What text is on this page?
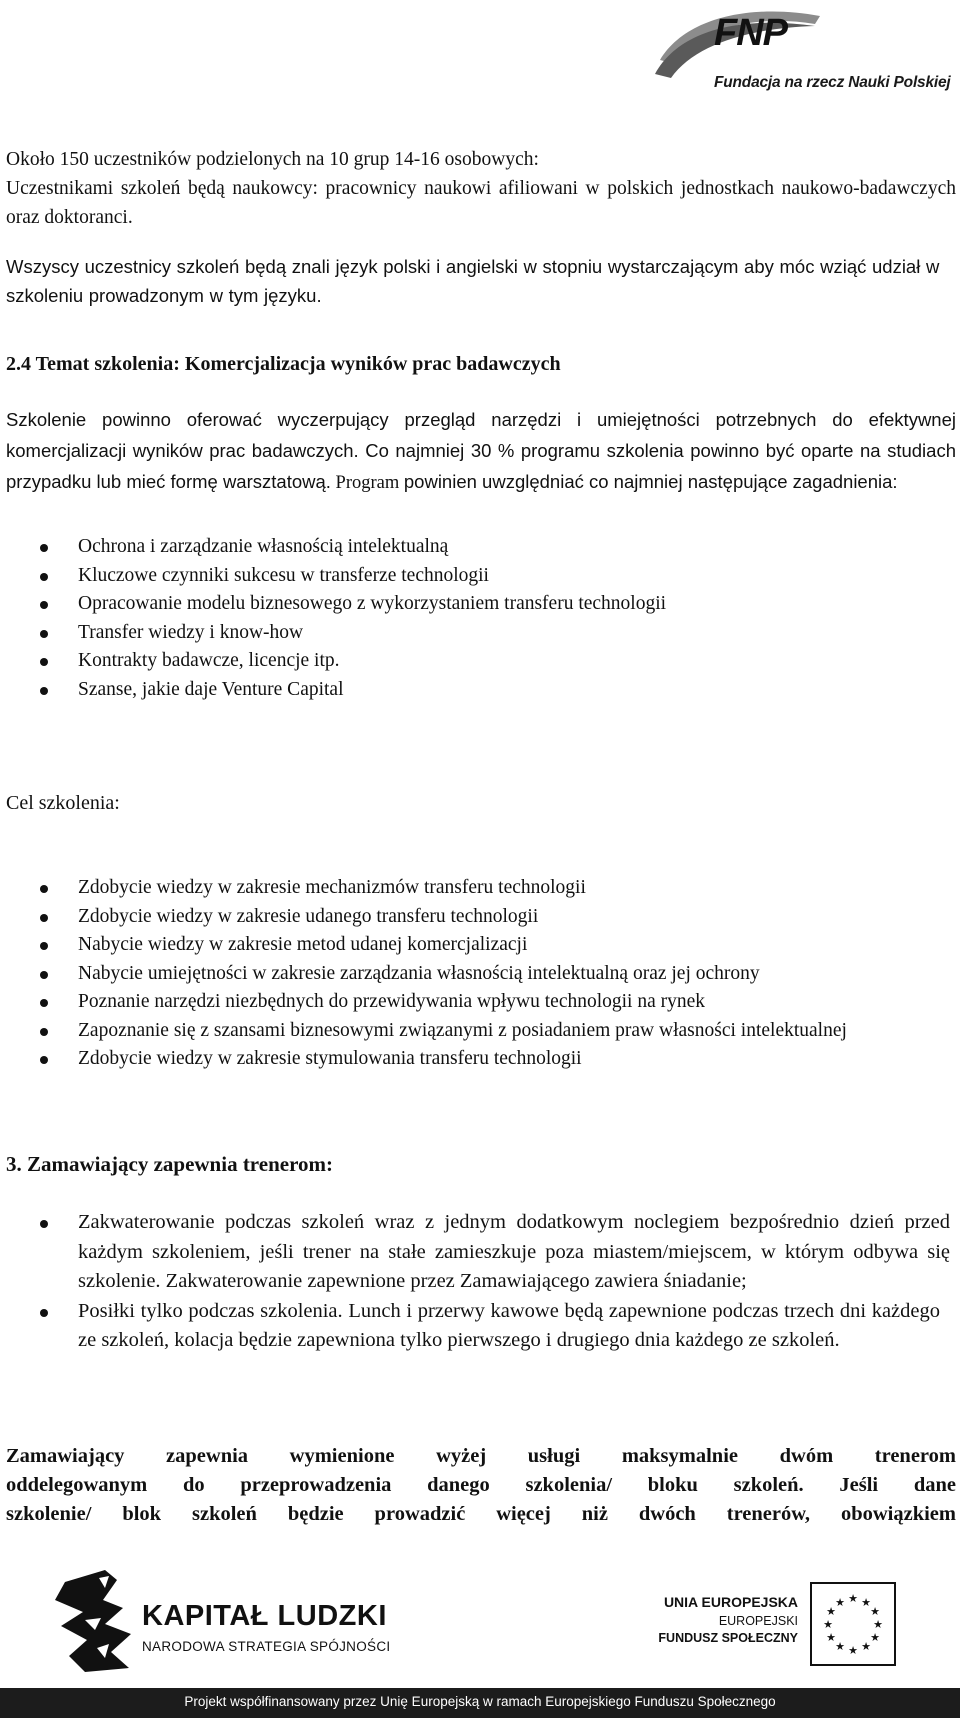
FNP
Fundacja na rzecz Nauki Polskiej

Około 150 uczestników podzielonych na 10 grup 14-16 osobowych:

Uczestnikami szkoleń będą naukowcy: pracownicy naukowi afiliowani w polskich jednostkach naukowo-badawczych oraz doktoranci.

Wszyscy uczestnicy szkoleń będą znali język polski i angielski w stopniu wystarczającym aby móc wziąć udział w szkoleniu prowadzonym w tym języku.

2.4 Temat szkolenia: Komercjalizacja wyników prac badawczych

Szkolenie powinno oferować wyczerpujący przegląd narzędzi i umiejętności potrzebnych do efektywnej komercjalizacji wyników prac badawczych. Co najmniej 30 % programu szkolenia powinno być oparte na studiach przypadku lub mieć formę warsztatową. Program powinien uwzględniać co najmniej następujące zagadnienia:
Ochrona i zarządzanie własnością intelektualną
Kluczowe czynniki sukcesu w transferze technologii
Opracowanie modelu biznesowego z wykorzystaniem transferu technologii
Transfer wiedzy i know-how
Kontrakty badawcze, licencje itp.
Szanse, jakie daje Venture Capital

Cel szkolenia:

Zdobycie wiedzy w zakresie mechanizmów transferu technologii
Zdobycie wiedzy w zakresie udanego transferu technologii
Nabycie wiedzy w zakresie metod udanej komercjalizacji
Nabycie umiejętności w zakresie zarządzania własnością intelektualną oraz jej ochrony
Poznanie narzędzi niezbędnych do przewidywania wpływu technologii na rynek
Zapoznanie się z szansami biznesowymi związanymi z posiadaniem praw własności intelektualnej
Zdobycie wiedzy w zakresie stymulowania transferu technologii

3. Zamawiający zapewnia trenerom:

Zakwaterowanie podczas szkoleń wraz z jednym dodatkowym noclegiem bezpośrednio dzień przed każdym szkoleniem, jeśli trener na stałe zamieszkuje poza miastem/miejscem, w którym odbywa się szkolenie. Zakwaterowanie zapewnione przez Zamawiającego zawiera śniadanie;
Posiłki tylko podczas szkolenia. Lunch i przerwy kawowe będą zapewnione podczas trzech dni każdego ze szkoleń, kolacja będzie zapewniona tylko pierwszego i drugiego dnia każdego ze szkoleń.

Zamawiający zapewnia wymienione wyżej usługi maksymalnie dwóm trenerom

oddelegowanym do przeprowadzenia danego szkolenia/ bloku szkoleń. Jeśli dane

szkolenie/ blok szkoleń będzie prowadzić więcej niż dwóch trenerów, obowiązkiem

KAPITAŁ LUDZKI
NARODOWA STRATEGIA SPÓJNOŚCI
UNIA EUROPEJSKA
EUROPEJSKI
FUNDUSZ SPOŁECZNY
★ ★
★
★
★
★
★
★
★
★
★
★
Projekt współfinansowany przez Unię Europejską w ramach Europejskiego Funduszu Społecznego
